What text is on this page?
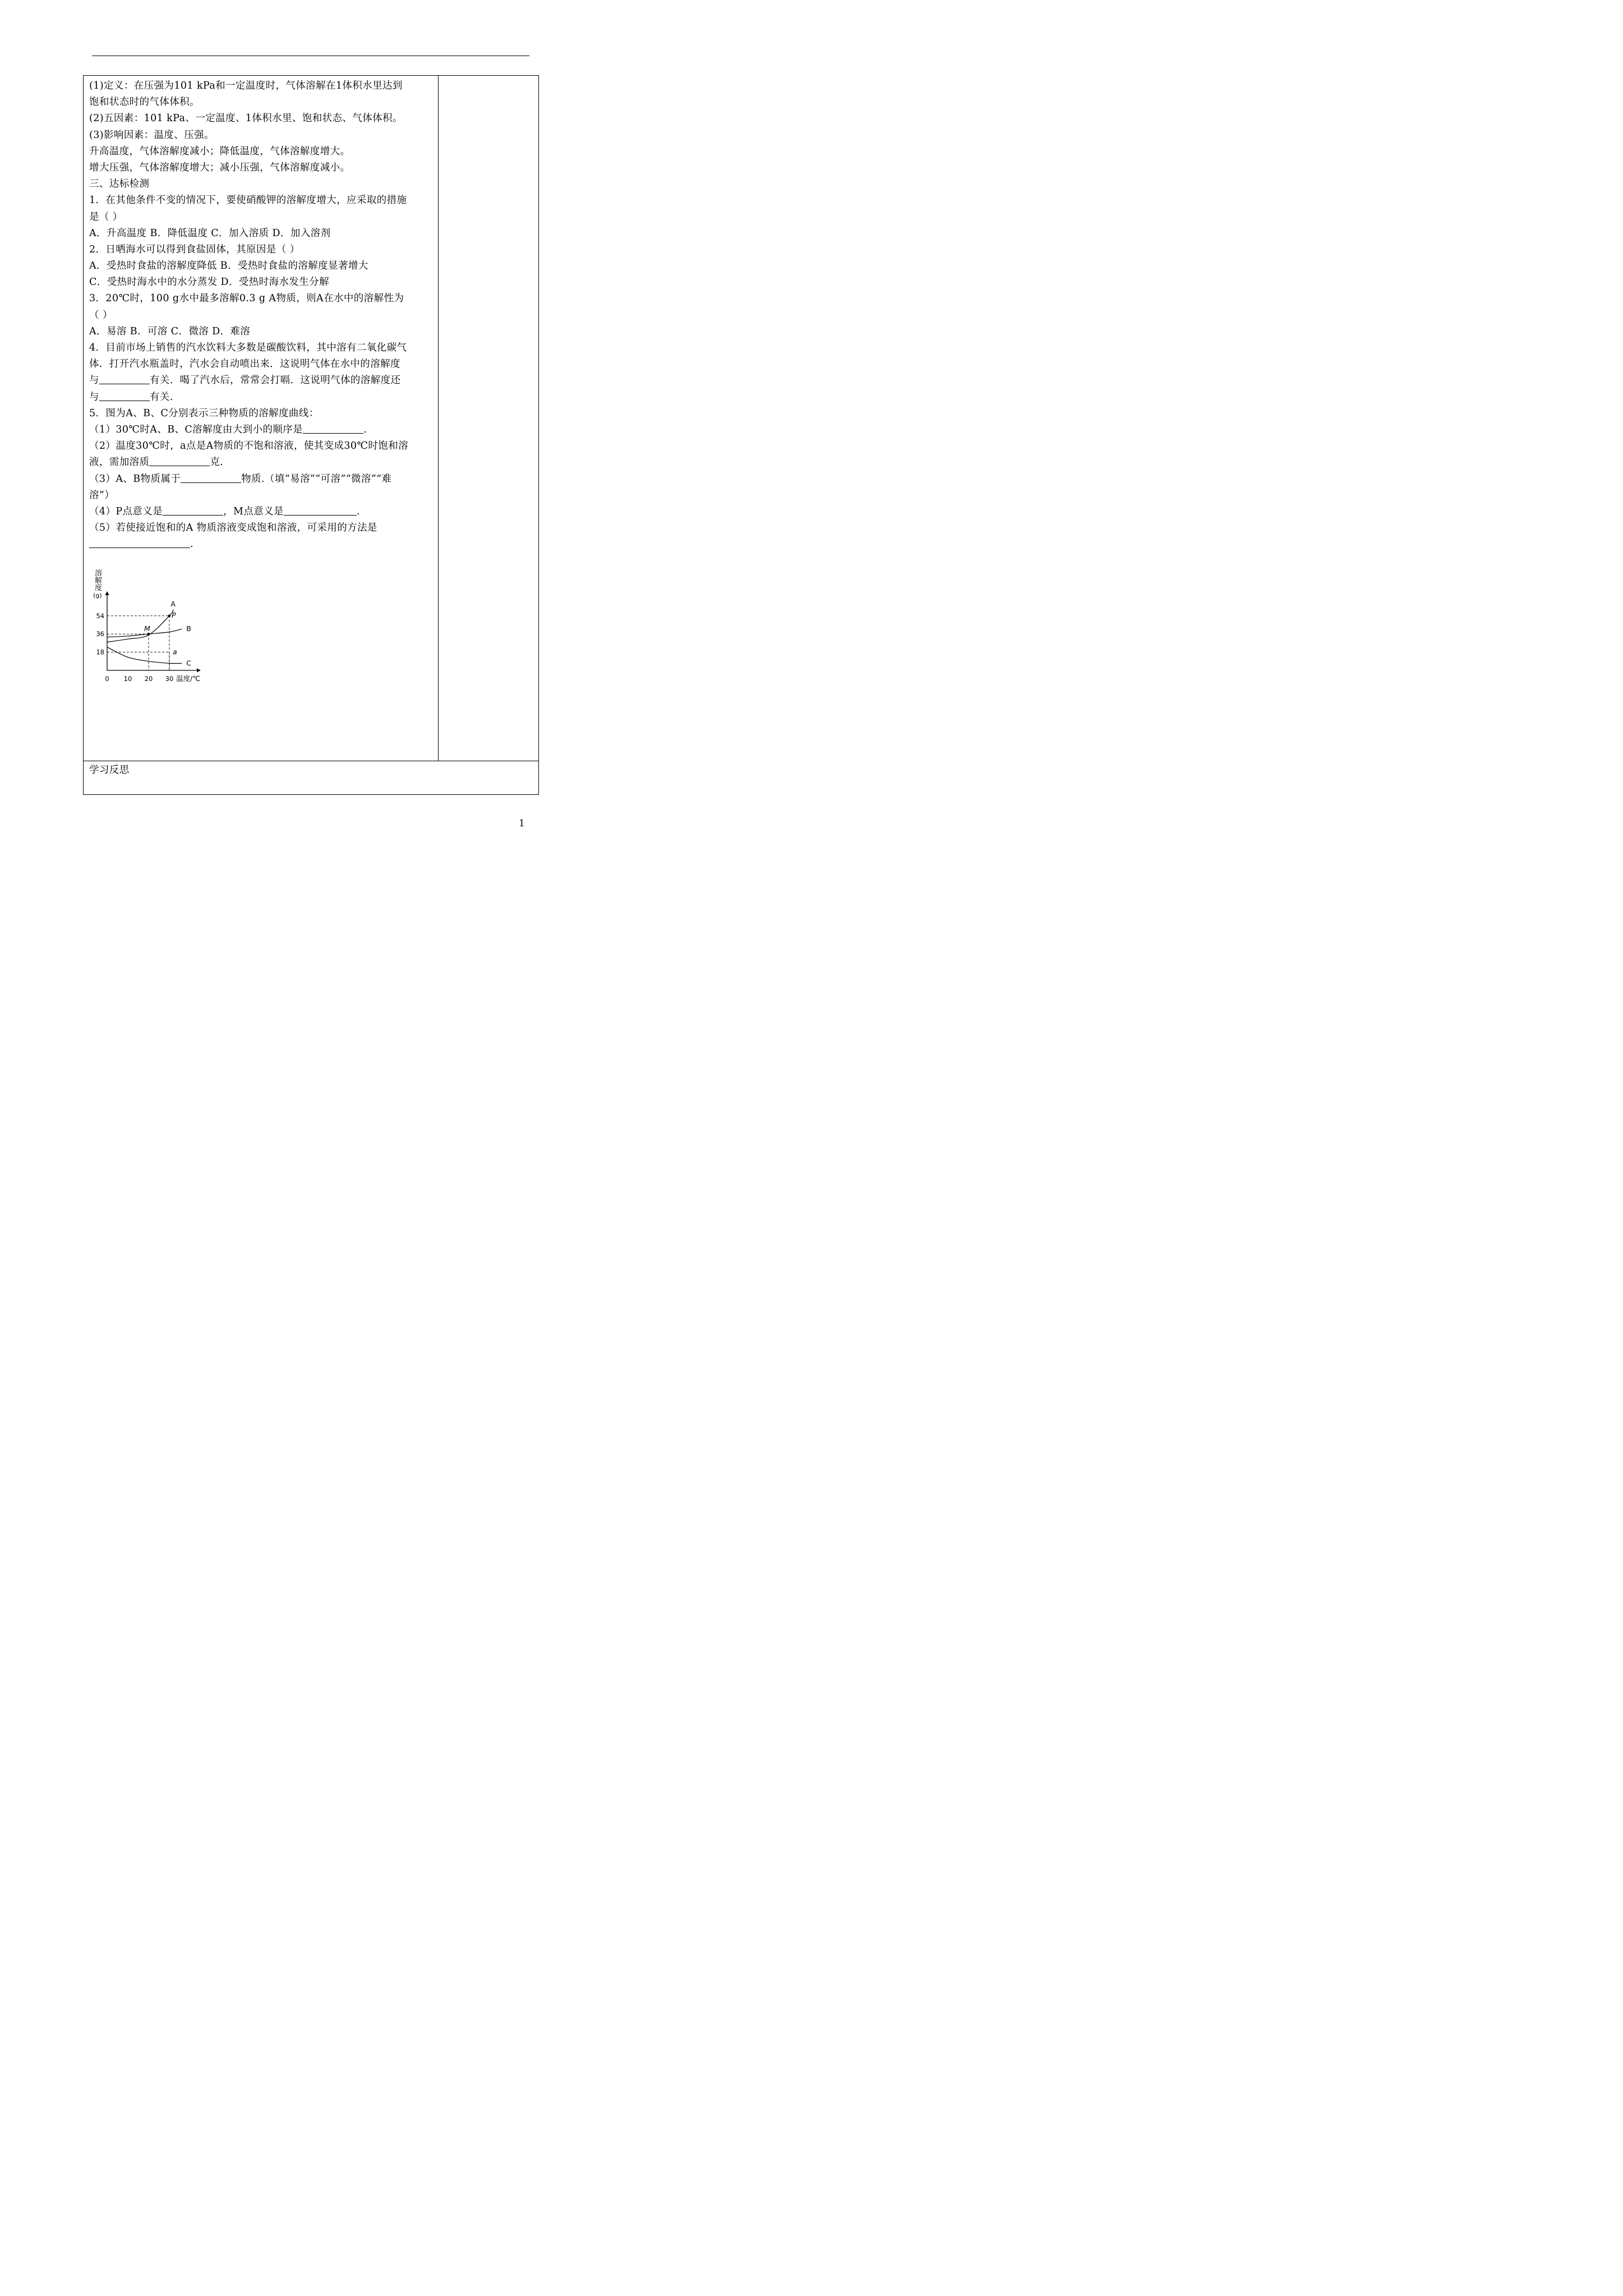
(1)定义：在压强为101 kPa和一定温度时，气体溶解在1体积水里达到
饱和状态时的气体体积。
(2)五因素：101 kPa、一定温度、1体积水里、饱和状态、气体体积。
(3)影响因素：温度、压强。
升高温度，气体溶解度减小；降低温度，气体溶解度增大。
增大压强，气体溶解度增大；减小压强，气体溶解度减小。
三、达标检测
1．在其他条件不变的情况下，要使硝酸钾的溶解度增大，应采取的措施
是（ ）
A．升高温度 B．降低温度 C．加入溶质 D．加入溶剂
2．日晒海水可以得到食盐固体，其原因是（ ）
A．受热时食盐的溶解度降低 B．受热时食盐的溶解度显著增大
C．受热时海水中的水分蒸发 D．受热时海水发生分解
3．20℃时，100 g水中最多溶解0.3 g A物质，则A在水中的溶解性为
（ ）
A．易溶 B．可溶 C．微溶 D．难溶
4．目前市场上销售的汽水饮料大多数是碳酸饮料，其中溶有二氧化碳气
体．打开汽水瓶盖时，汽水会自动喷出来．这说明气体在水中的溶解度
与	有关．喝了汽水后，常常会打嗝．这说明气体的溶解度还
与	有关.
5．图为A、B、C分别表示三种物质的溶解度曲线：
（1）30℃时A、B、C溶解度由大到小的顺序是	.
（2）温度30℃时，a点是A物质的不饱和溶液，使其变成30℃时饱和溶
液，需加溶质	克.
（3）A、B物质属于	物质.（填“易溶”“可溶”“微溶”“难
溶”）
（4）P点意义是	，M点意义是	.
（5）若使接近饱和的A 物质溶液变成饱和溶液，可采用的方法是
.
溶
解
度
(g)
温度/℃
0 10 20 30
18
36
54
A
B
C
M
P
a
学习反思
1
